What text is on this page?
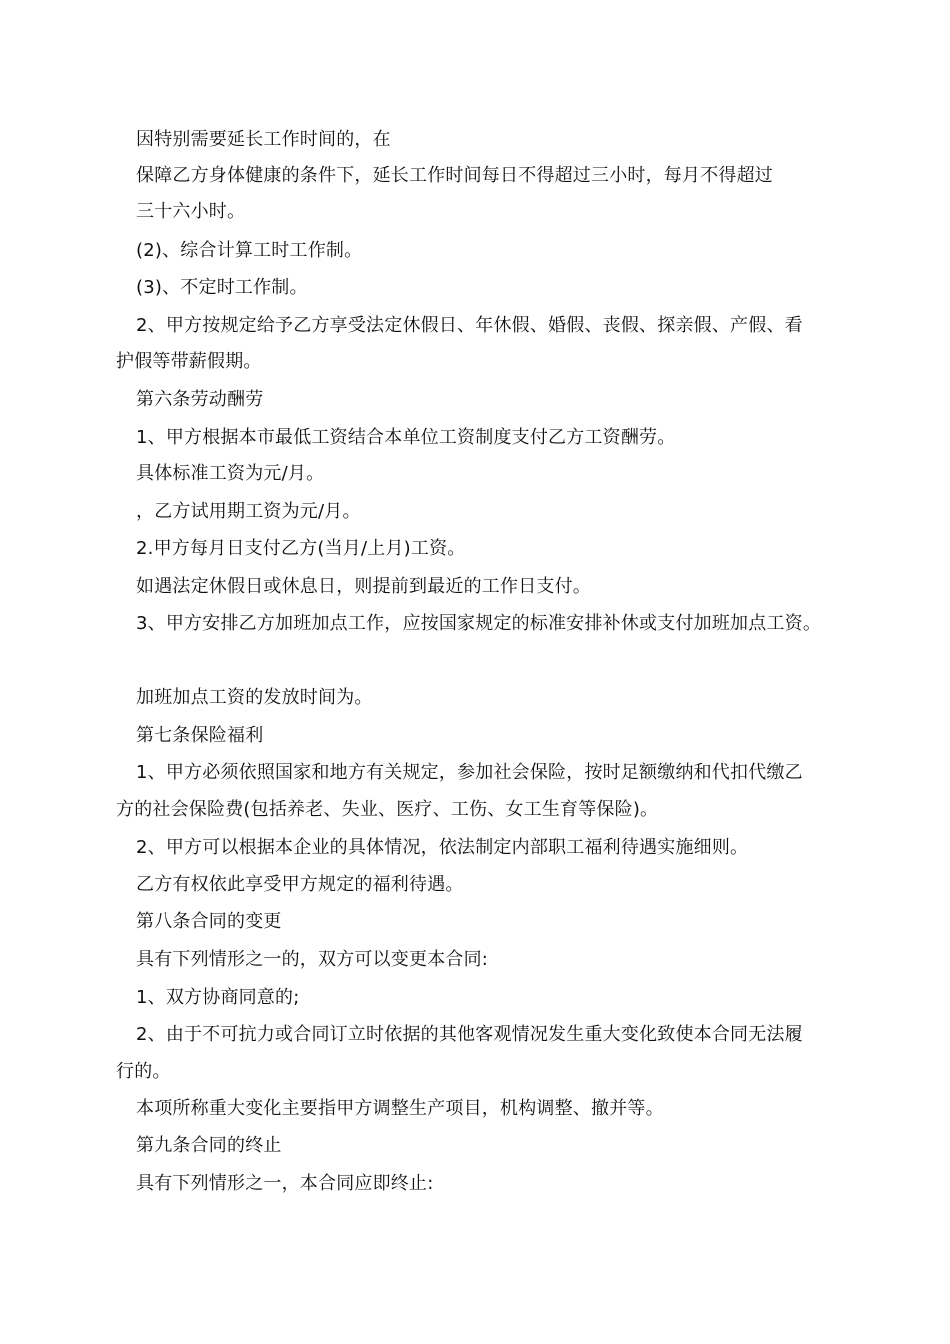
因特别需要延长工作时间的，在
保障乙方身体健康的条件下，延长工作时间每日不得超过三小时，每月不得超过
三十六小时。
(2)、综合计算工时工作制。
(3)、不定时工作制。
2、甲方按规定给予乙方享受法定休假日、年休假、婚假、丧假、探亲假、产假、看
护假等带薪假期。
第六条劳动酬劳
1、甲方根据本市最低工资结合本单位工资制度支付乙方工资酬劳。
具体标准工资为元/月。
，乙方试用期工资为元/月。
2.甲方每月日支付乙方(当月/上月)工资。
如遇法定休假日或休息日，则提前到最近的工作日支付。
3、甲方安排乙方加班加点工作，应按国家规定的标准安排补休或支付加班加点工资。
加班加点工资的发放时间为。
第七条保险福利
1、甲方必须依照国家和地方有关规定，参加社会保险，按时足额缴纳和代扣代缴乙
方的社会保险费(包括养老、失业、医疗、工伤、女工生育等保险)。
2、甲方可以根据本企业的具体情况，依法制定内部职工福利待遇实施细则。
乙方有权依此享受甲方规定的福利待遇。
第八条合同的变更
具有下列情形之一的，双方可以变更本合同:
1、双方协商同意的;
2、由于不可抗力或合同订立时依据的其他客观情况发生重大变化致使本合同无法履
行的。
本项所称重大变化主要指甲方调整生产项目，机构调整、撤并等。
第九条合同的终止
具有下列情形之一，本合同应即终止:
